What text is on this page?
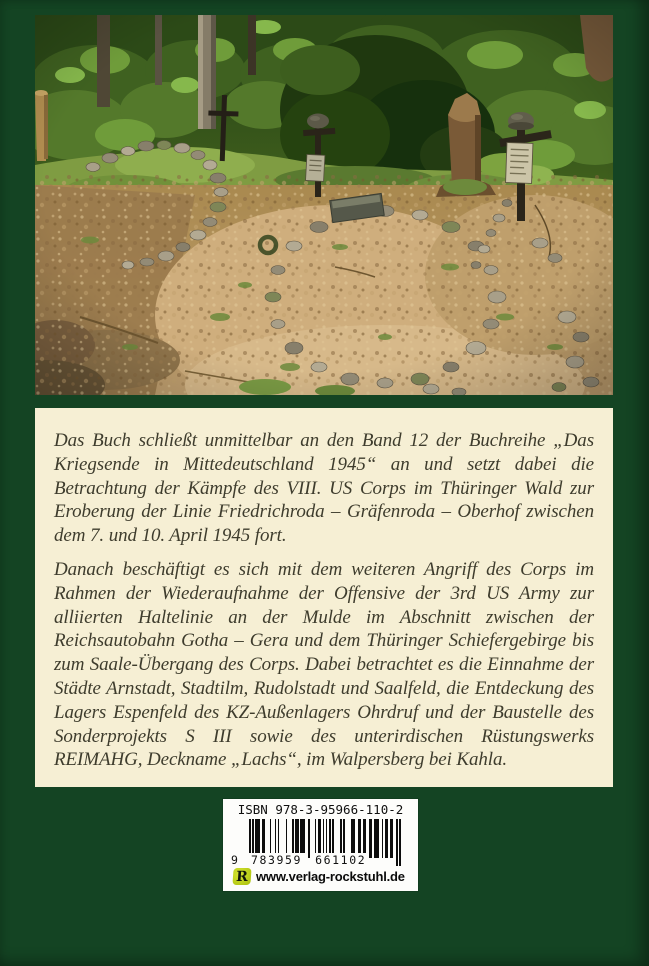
Das Buch schließt unmittelbar an den Band 12 der Buchreihe „Das Kriegsende in Mittedeutschland 1945“ an und setzt dabei die Betrachtung der Kämpfe des VIII. US Corps im Thüringer Wald zur Eroberung der Linie Friedrichroda – Gräfenroda – Oberhof zwischen dem 7. und 10. April 1945 fort.

Danach beschäftigt es sich mit dem weiteren Angriff des Corps im Rahmen der Wiederaufnahme der Offensive der 3rd US Army zur alliierten Haltelinie an der Mulde im Abschnitt zwischen der Reichsautobahn Gotha – Gera und dem Thüringer Schiefergebirge bis zum Saale-Übergang des Corps. Dabei betrachtet es die Einnahme der Städte Arnstadt, Stadtilm, Rudolstadt und Saalfeld, die Entdeckung des Lagers Espenfeld des KZ-Außenlagers Ohrdruf und der Baustelle des Sonderprojekts S III sowie des unterirdischen Rüstungswerks REIMAHG, Deckname „Lachs“, im Walpersberg bei Kahla.

ISBN 978-3-95966-110-2
9 783959 661102
R www.verlag-rockstuhl.de
